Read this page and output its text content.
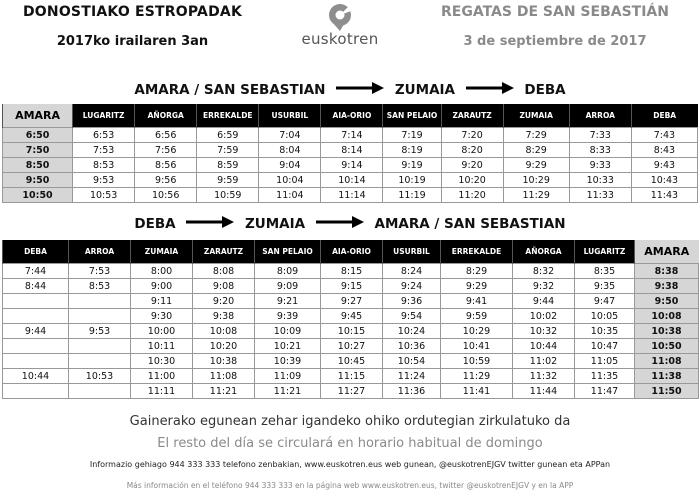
DONOSTIAKO ESTROPADAK
2017ko irailaren 3an	euskotren
REGATAS DE SAN SEBASTIÁN
3 de septiembre de 2017
AMARA / SAN SEBASTIAN	ZUMAIA	DEBA
AMARA	LUGARITZ	AÑORGA	ERREKALDE	USURBIL	AIA-ORIO	SAN PELAIO	ZARAUTZ	ZUMAIA	ARROA	DEBA
6:50	6:53	6:56	6:59	7:04	7:14	7:19	7:20	7:29	7:33	7:43
7:50	7:53	7:56	7:59	8:04	8:14	8:19	8:20	8:29	8:33	8:43
8:50	8:53	8:56	8:59	9:04	9:14	9:19	9:20	9:29	9:33	9:43
9:50	9:53	9:56	9:59	10:04	10:14	10:19	10:20	10:29	10:33	10:43
10:50	10:53	10:56	10:59	11:04	11:14	11:19	11:20	11:29	11:33	11:43
DEBA	ZUMAIA	AMARA / SAN SEBASTIAN
DEBA	ARROA	ZUMAIA	ZARAUTZ	SAN PELAIO	AIA-ORIO	USURBIL	ERREKALDE	AÑORGA	LUGARITZ	AMARA
7:44	7:53	8:00	8:08	8:09	8:15	8:24	8:29	8:32	8:35	8:38
8:44	8:53	9:00	9:08	9:09	9:15	9:24	9:29	9:32	9:35	9:38
		9:11	9:20	9:21	9:27	9:36	9:41	9:44	9:47	9:50
		9:30	9:38	9:39	9:45	9:54	9:59	10:02	10:05	10:08
9:44	9:53	10:00	10:08	10:09	10:15	10:24	10:29	10:32	10:35	10:38
		10:11	10:20	10:21	10:27	10:36	10:41	10:44	10:47	10:50
		10:30	10:38	10:39	10:45	10:54	10:59	11:02	11:05	11:08
10:44	10:53	11:00	11:08	11:09	11:15	11:24	11:29	11:32	11:35	11:38
		11:11	11:21	11:21	11:27	11:36	11:41	11:44	11:47	11:50
Gainerako egunean zehar igandeko ohiko ordutegian zirkulatuko da
El resto del día se circulará en horario habitual de domingo
Informazio gehiago 944 333 333 telefono zenbakian, www.euskotren.eus web gunean, @euskotrenEJGV twitter gunean eta APPan
Más información en el teléfono 944 333 333 en la página web www.euskotren.eus, twitter @euskotrenEJGV y en la APP
